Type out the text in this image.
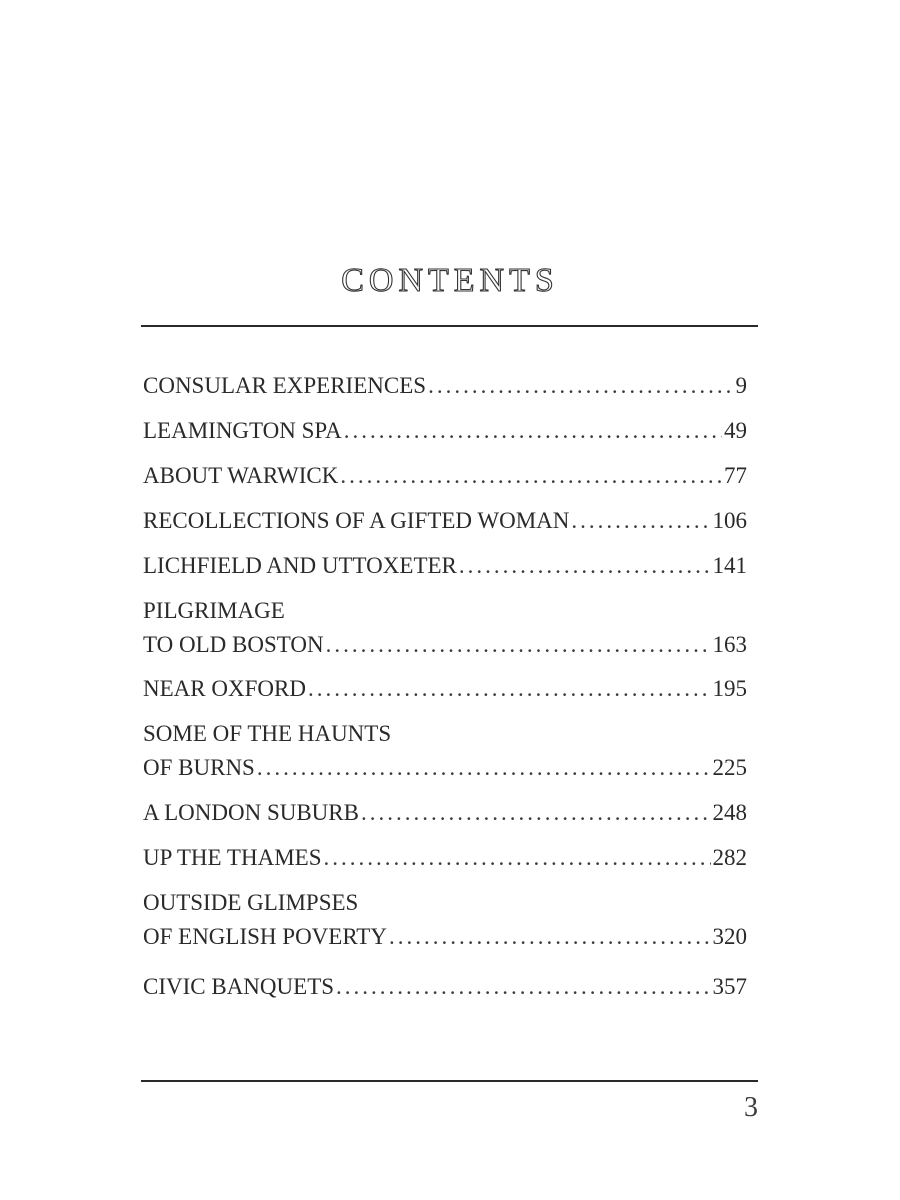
CONTENTS
CONSULAR EXPERIENCES .....	9
LEAMINGTON SPA .....	49
ABOUT WARWICK .....	77
RECOLLECTIONS OF A GIFTED WOMAN .....	106
LICHFIELD AND UTTOXETER .....	141
PILGRIMAGE
TO OLD BOSTON .....	163
NEAR OXFORD .....	195
SOME OF THE HAUNTS
OF BURNS .....	225
A LONDON SUBURB .....	248
UP THE THAMES .....	282
OUTSIDE GLIMPSES
OF ENGLISH POVERTY .....	320
CIVIC BANQUETS .....	357

3
